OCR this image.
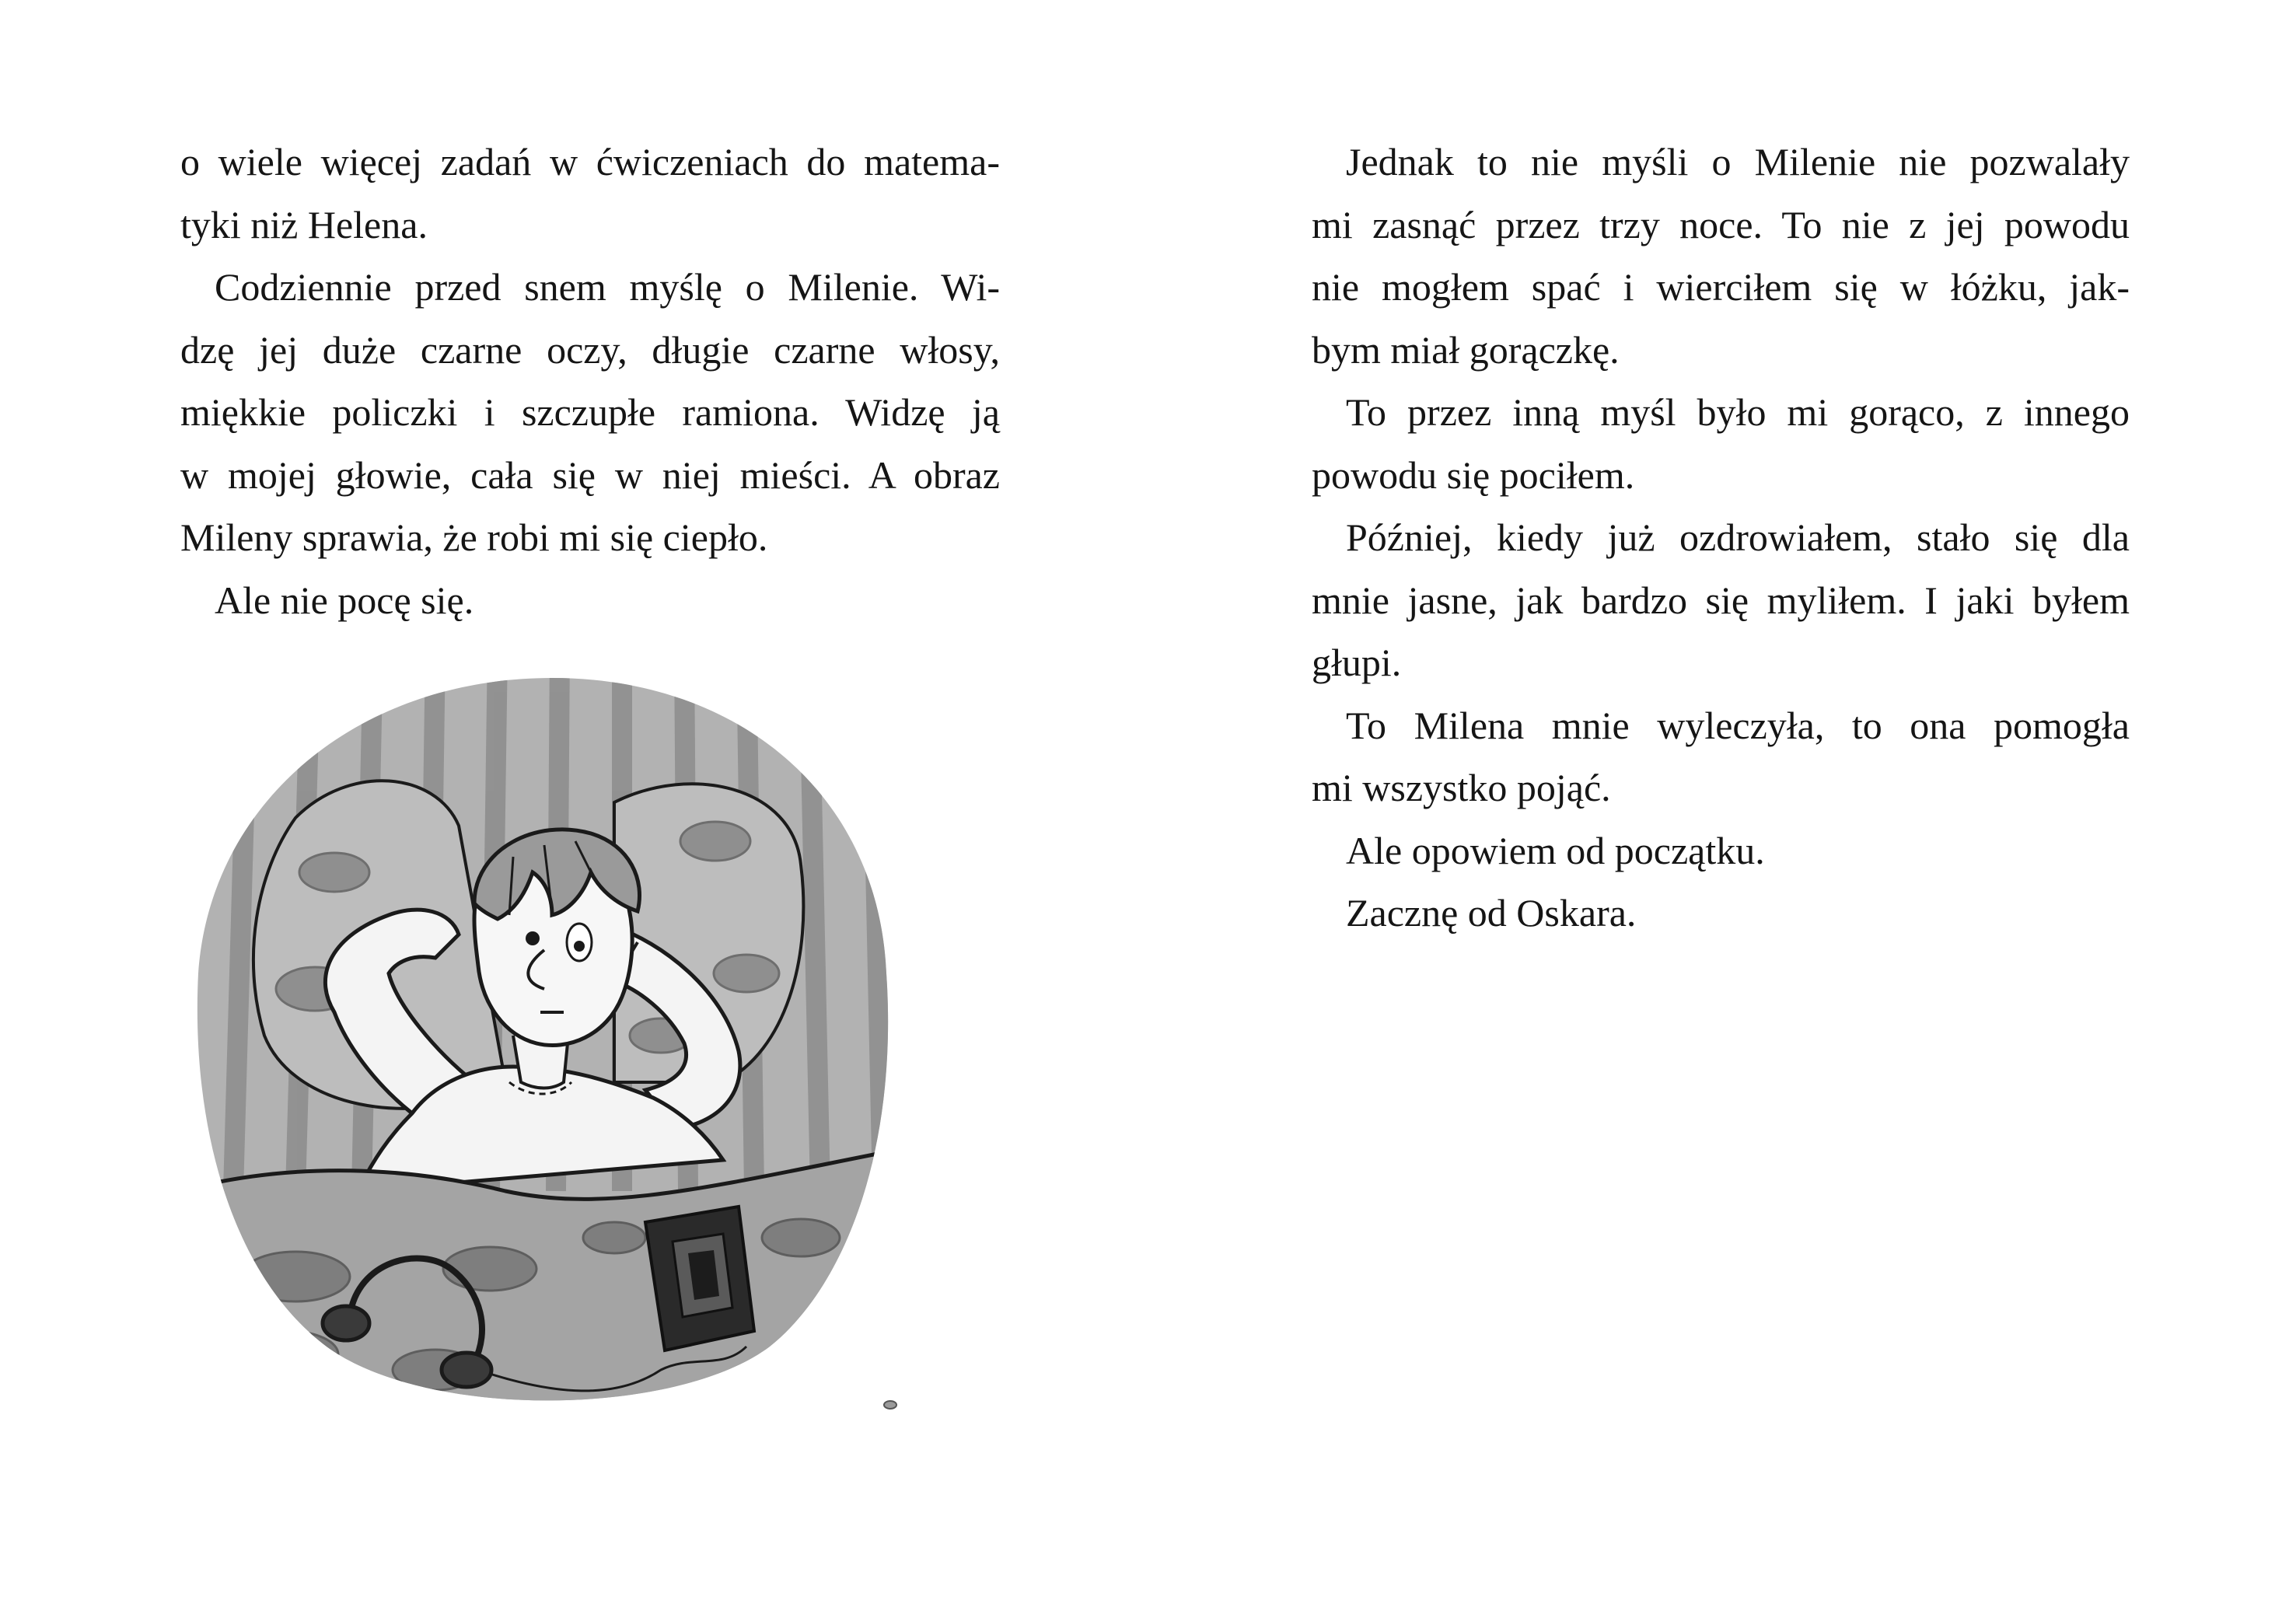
o wiele więcej zadań w ćwiczeniach do matema-
tyki niż Helena.

Codziennie przed snem myślę o Milenie. Wi-
dzę jej duże czarne oczy, długie czarne włosy,
miękkie policzki i szczupłe ramiona. Widzę ją
w mojej głowie, cała się w niej mieści. A obraz
Mileny sprawia, że robi mi się ciepło.

Ale nie pocę się.

Jednak to nie myśli o Milenie nie pozwalały
mi zasnąć przez trzy noce. To nie z jej powodu
nie mogłem spać i wierciłem się w łóżku, jak-
bym miał gorączkę.

To przez inną myśl było mi gorąco, z innego
powodu się pociłem.

Później, kiedy już ozdrowiałem, stało się dla
mnie jasne, jak bardzo się myliłem. I jaki byłem
głupi.

To Milena mnie wyleczyła, to ona pomogła
mi wszystko pojąć.

Ale opowiem od początku.

Zacznę od Oskara.
